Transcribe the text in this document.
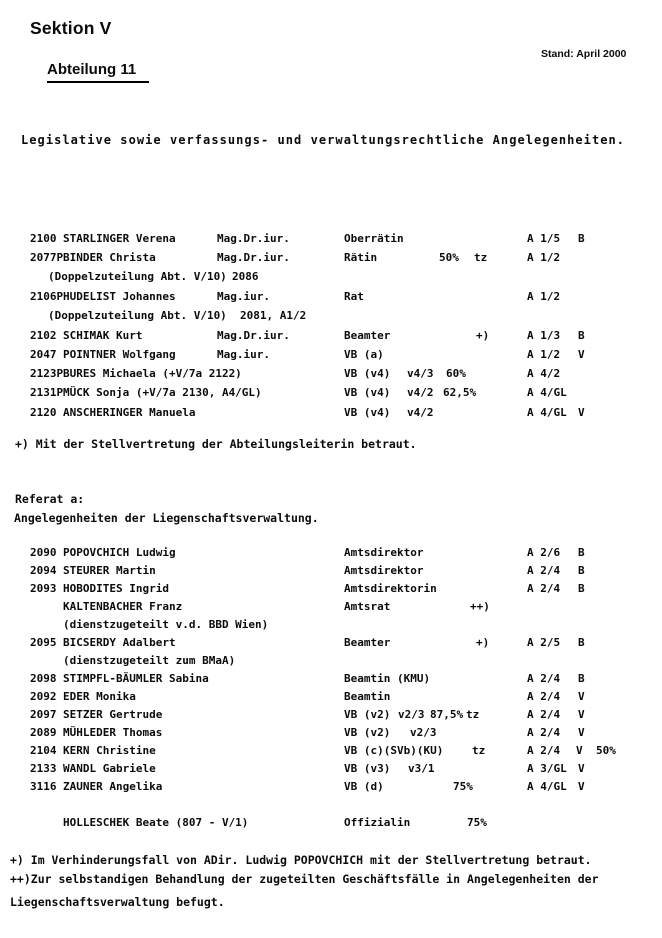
Sektion V
Stand: April 2000
Abteilung 11
Legislative sowie verfassungs- und verwaltungsrechtliche Angelegenheiten.
2100 STARLINGER Verena	Mag.Dr.iur.	Oberrätin	A 1/5 B
2077P BINDER Christa	Mag.Dr.iur.	Rätin	50% tz	A 1/2
(Doppelzuteilung Abt. V/10) 2086
2106P HUDELIST Johannes	Mag.iur.	Rat	A 1/2
(Doppelzuteilung Abt. V/10) 2081, A1/2
2102 SCHIMAK Kurt	Mag.Dr.iur.	Beamter	+)	A 1/3 B
2047 POINTNER Wolfgang	Mag.iur.	VB (a)	A 1/2 V
2123P BURES Michaela (+V/7a 2122)	VB (v4) v4/3 60%	A 4/2
2131P MÜCK Sonja (+V/7a 2130, A4/GL)	VB (v4) v4/2 62,5%	A 4/GL
2120 ANSCHERINGER Manuela	VB (v4) v4/2	A 4/GL V
+) Mit der Stellvertretung der Abteilungsleiterin betraut.
Referat a:
Angelegenheiten der Liegenschaftsverwaltung.
2090 POPOVCHICH Ludwig	Amtsdirektor	A 2/6 B
2094 STEURER Martin	Amtsdirektor	A 2/4 B
2093 HOBODITES Ingrid	Amtsdirektorin	A 2/4 B
KALTENBACHER Franz	Amtsrat	++)
(dienstzugeteilt v.d. BBD Wien)
2095 BICSERDY Adalbert	Beamter	+)	A 2/5 B
(dienstzugeteilt zum BMaA)
2098 STIMPFL-BÄUMLER Sabina	Beamtin (KMU)	A 2/4 B
2092 EDER Monika	Beamtin	A 2/4 V
2097 SETZER Gertrude	VB (v2) v2/3 87,5% tz	A 2/4 V
2089 MÜHLEDER Thomas	VB (v2) v2/3	A 2/4 V
2104 KERN Christine	VB (c)(SVb)(KU)	tz	A 2/4 V 50%
2133 WANDL Gabriele	VB (v3) v3/1	A 3/GL V
3116 ZAUNER Angelika	VB (d)	75%	A 4/GL V
HOLLESCHEK Beate (807 - V/1)	Offizialin	75%
+) Im Verhinderungsfall von ADir. Ludwig POPOVCHICH mit der Stellvertretung betraut.
++)Zur selbstandigen Behandlung der zugeteilten Geschäftsfälle in Angelegenheiten der
Liegenschaftsverwaltung befugt.
